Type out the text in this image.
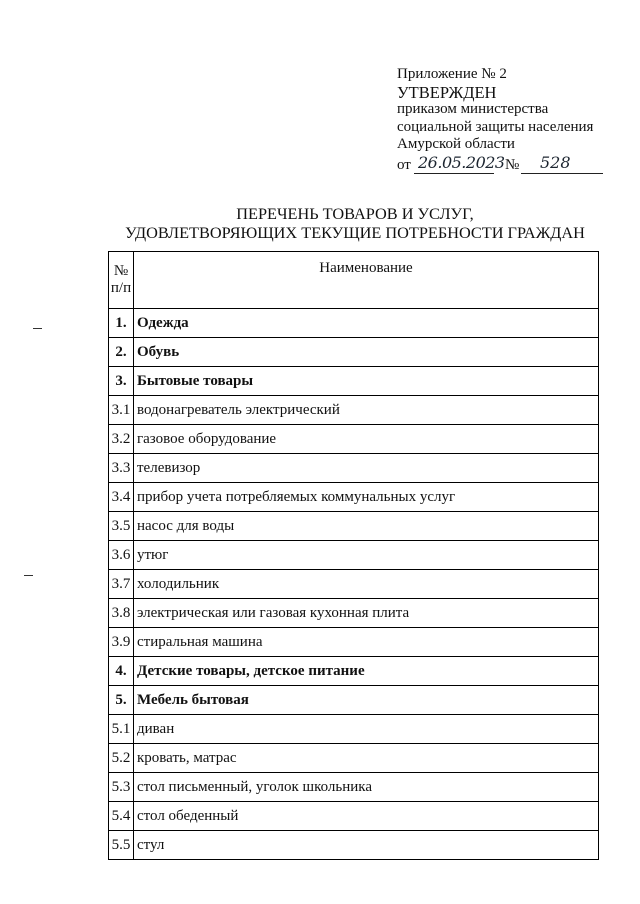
Приложение № 2
УТВЕРЖДЕН
приказом министерства
социальной защиты населения
Амурской области
от 26.05.2023 № 528
ПЕРЕЧЕНЬ ТОВАРОВ И УСЛУГ,
УДОВЛЕТВОРЯЮЩИХ ТЕКУЩИЕ ПОТРЕБНОСТИ ГРАЖДАН
№
п/п	Наименование
1.	Одежда
2.	Обувь
3.	Бытовые товары
3.1	водонагреватель электрический
3.2	газовое оборудование
3.3	телевизор
3.4	прибор учета потребляемых коммунальных услуг
3.5	насос для воды
3.6	утюг
3.7	холодильник
3.8	электрическая или газовая кухонная плита
3.9	стиральная машина
4.	Детские товары, детское питание
5.	Мебель бытовая
5.1	диван
5.2	кровать, матрас
5.3	стол письменный, уголок школьника
5.4	стол обеденный
5.5	стул
